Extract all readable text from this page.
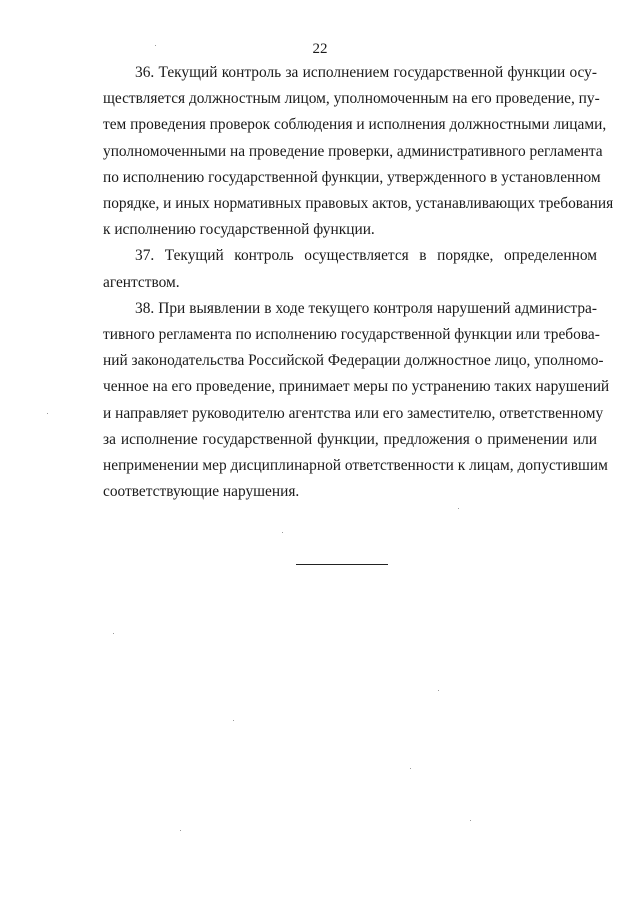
22

36. Текущий контроль за исполнением государственной функции осу-
ществляется должностным лицом, уполномоченным на его проведение, пу-
тем проведения проверок соблюдения и исполнения должностными лицами,
уполномоченными на проведение проверки, административного регламента
по исполнению государственной функции, утвержденного в установленном
порядке, и иных нормативных правовых актов, устанавливающих требования
к исполнению государственной функции.

37. Текущий контроль осуществляется в порядке, определенном
агентством.

38. При выявлении в ходе текущего контроля нарушений администра-
тивного регламента по исполнению государственной функции или требова-
ний законодательства Российской Федерации должностное лицо, уполномо-
ченное на его проведение, принимает меры по устранению таких нарушений
и направляет руководителю агентства или его заместителю, ответственному
за исполнение государственной функции, предложения о применении или
неприменении мер дисциплинарной ответственности к лицам, допустившим
соответствующие нарушения.
